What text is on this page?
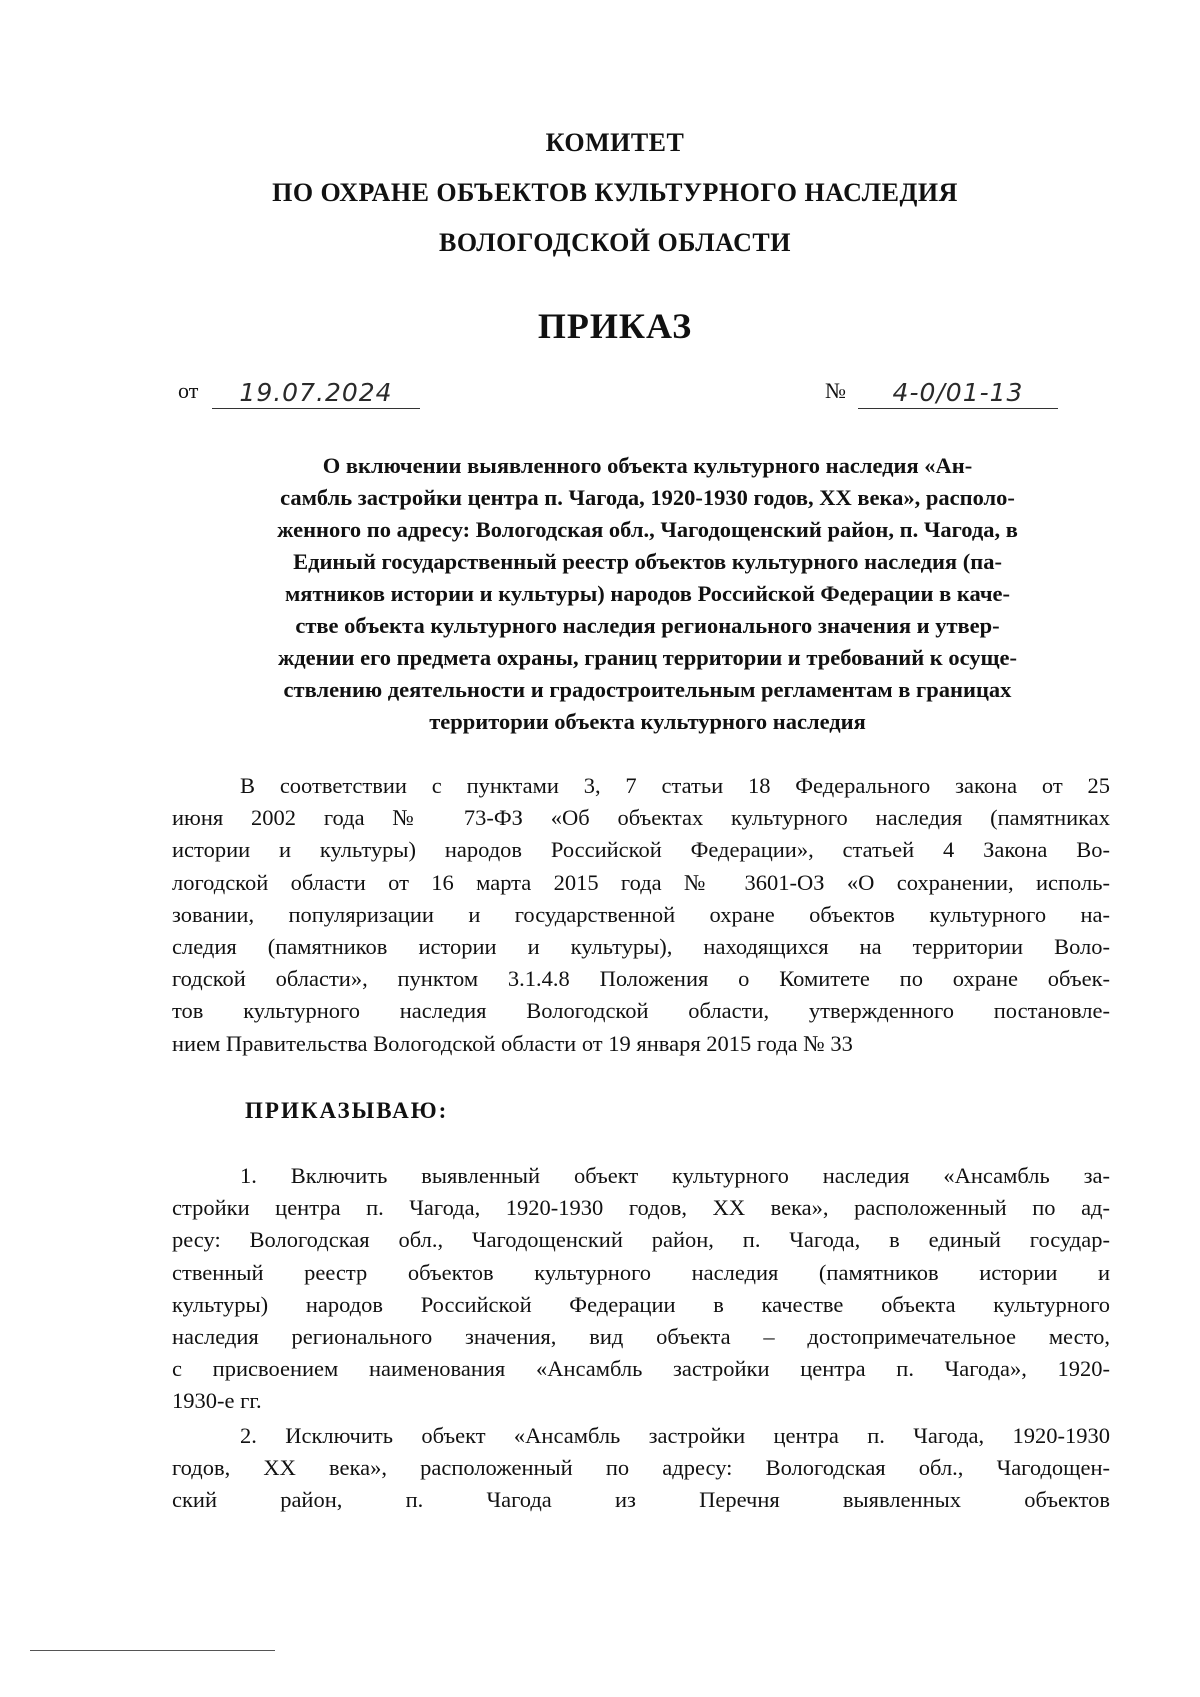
КОМИТЕТ
ПО ОХРАНЕ ОБЪЕКТОВ КУЛЬТУРНОГО НАСЛЕДИЯ
ВОЛОГОДСКОЙ ОБЛАСТИ
ПРИКАЗ
от	19.07.2024	№	4-0/01-13
О включении выявленного объекта культурного наследия «Ан-
самбль застройки центра п. Чагода, 1920-1930 годов, XX века», располо-
женного по адресу: Вологодская обл., Чагодощенский район, п. Чагода, в
Единый государственный реестр объектов культурного наследия (па-
мятников истории и культуры) народов Российской Федерации в каче-
стве объекта культурного наследия регионального значения и утвер-
ждении его предмета охраны, границ территории и требований к осуще-
ствлению деятельности и градостроительным регламентам в границах
территории объекта культурного наследия
В соответствии с пунктами 3, 7 статьи 18 Федерального закона от 25
июня 2002 года № 73-ФЗ «Об объектах культурного наследия (памятниках
истории и культуры) народов Российской Федерации», статьей 4 Закона Во-
логодской области от 16 марта 2015 года № 3601-ОЗ «О сохранении, исполь-
зовании, популяризации и государственной охране объектов культурного на-
следия (памятников истории и культуры), находящихся на территории Воло-
годской области», пунктом 3.1.4.8 Положения о Комитете по охране объек-
тов культурного наследия Вологодской области, утвержденного постановле-
нием Правительства Вологодской области от 19 января 2015 года № 33
ПРИКАЗЫВАЮ:
1. Включить выявленный объект культурного наследия «Ансамбль за-
стройки центра п. Чагода, 1920-1930 годов, XX века», расположенный по ад-
ресу: Вологодская обл., Чагодощенский район, п. Чагода, в единый государ-
ственный реестр объектов культурного наследия (памятников истории и
культуры) народов Российской Федерации в качестве объекта культурного
наследия регионального значения, вид объекта – достопримечательное место,
с присвоением наименования «Ансамбль застройки центра п. Чагода», 1920-
1930-е гг.
2. Исключить объект «Ансамбль застройки центра п. Чагода, 1920-1930
годов, XX века», расположенный по адресу: Вологодская обл., Чагодощен-
ский район, п. Чагода из Перечня выявленных объектов
